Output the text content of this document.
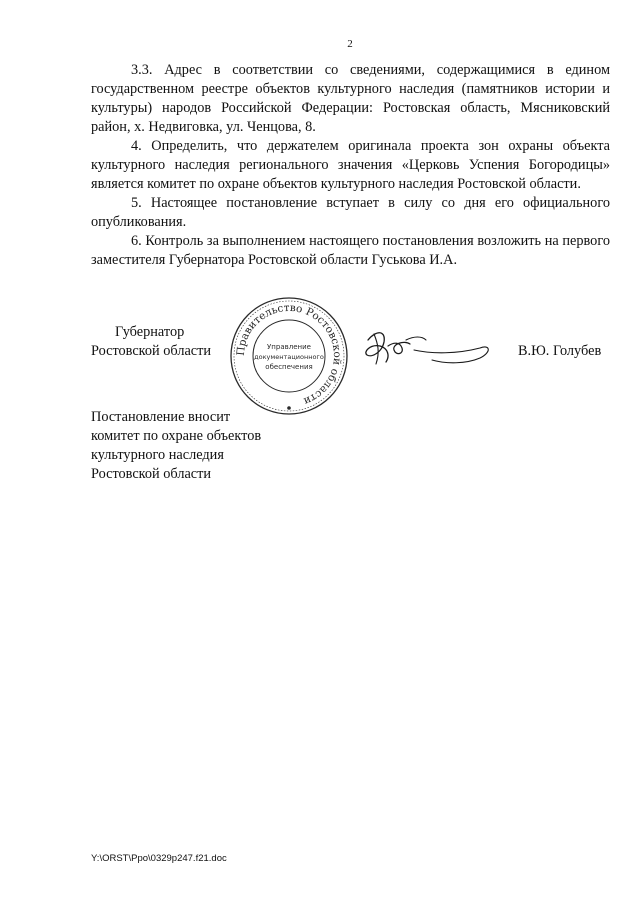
2

3.3. Адрес в соответствии со сведениями, содержащимися в едином государственном реестре объектов культурного наследия (памятников истории и культуры) народов Российской Федерации: Ростовская область, Мясниковский район, х. Недвиговка, ул. Ченцова, 8.

4. Определить, что держателем оригинала проекта зон охраны объекта культурного наследия регионального значения «Церковь Успения Богородицы» является комитет по охране объектов культурного наследия Ростовской области.

5. Настоящее постановление вступает в силу со дня его официального опубликования.

6. Контроль за выполнением настоящего постановления возложить на первого заместителя Губернатора Ростовской области Гуськова И.А.

Губернатор
Ростовской области	Правительство Ростовской области
Управление
документационного
обеспечения
В.Ю. Голубев
Постановление вносит
комитет по охране объектов
культурного наследия
Ростовской области
Y:\ORST\Ppo\0329p247.f21.doc
